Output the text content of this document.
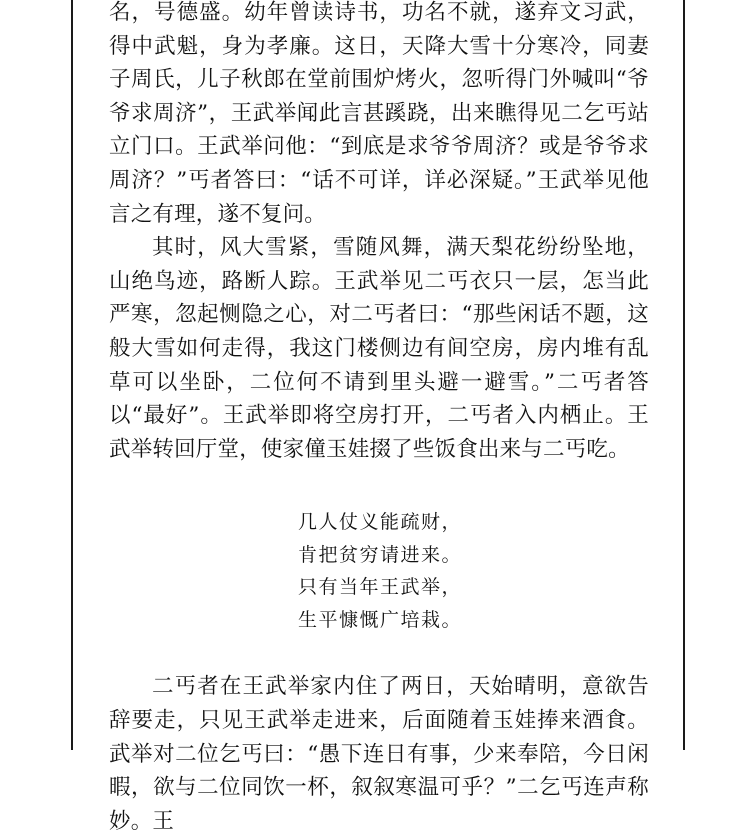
名，号德盛。幼年曾读诗书，功名不就，遂弃文习武，得中武魁，身为孝廉。这日，天降大雪十分寒冷，同妻子周氏，儿子秋郎在堂前围炉烤火，忽听得门外喊叫“爷爷求周济”，王武举闻此言甚蹊跷，出来瞧得见二乞丐站立门口。王武举问他：“到底是求爷爷周济？或是爷爷求周济？”丐者答曰：“话不可详，详必深疑。”王武举见他言之有理，遂不复问。

其时，风大雪紧，雪随风舞，满天梨花纷纷坠地，山绝鸟迹，路断人踪。王武举见二丐衣只一层，怎当此严寒，忽起恻隐之心，对二丐者曰：“那些闲话不题，这般大雪如何走得，我这门楼侧边有间空房，房内堆有乱草可以坐卧，二位何不请到里头避一避雪。”二丐者答以“最好”。王武举即将空房打开，二丐者入内栖止。王武举转回厅堂，使家僮玉娃掇了些饭食出来与二丐吃。

几人仗义能疏财，
肯把贫穷请进来。
只有当年王武举，
生平慷慨广培栽。

二丐者在王武举家内住了两日，天始晴明，意欲告辞要走，只见王武举走进来，后面随着玉娃捧来酒食。武举对二位乞丐曰：“愚下连日有事，少来奉陪，今日闲暇，欲与二位同饮一杯，叙叙寒温可乎？”二乞丐连声称妙。王
